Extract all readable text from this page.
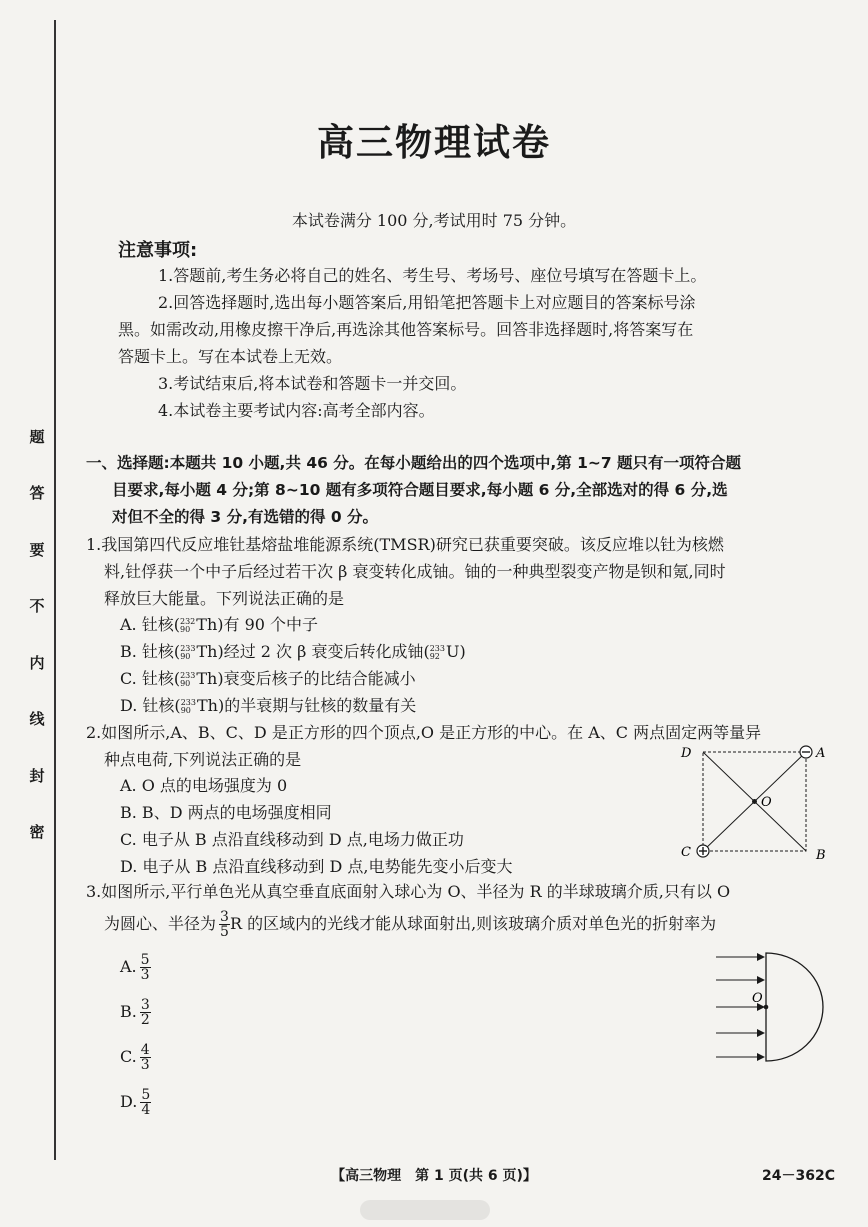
题
答
要
不
内
线
封
密
高三物理试卷
本试卷满分 100 分,考试用时 75 分钟。
注意事项:
1.答题前,考生务必将自己的姓名、考生号、考场号、座位号填写在答题卡上。
2.回答选择题时,选出每小题答案后,用铅笔把答题卡上对应题目的答案标号涂
黑。如需改动,用橡皮擦干净后,再选涂其他答案标号。回答非选择题时,将答案写在
答题卡上。写在本试卷上无效。
3.考试结束后,将本试卷和答题卡一并交回。
4.本试卷主要考试内容:高考全部内容。
一、选择题:本题共 10 小题,共 46 分。在每小题给出的四个选项中,第 1~7 题只有一项符合题
目要求,每小题 4 分;第 8~10 题有多项符合题目要求,每小题 6 分,全部选对的得 6 分,选
对但不全的得 3 分,有选错的得 0 分。
1.我国第四代反应堆钍基熔盐堆能源系统(TMSR)研究已获重要突破。该反应堆以钍为核燃
料,钍俘获一个中子后经过若干次 β 衰变转化成铀。铀的一种典型裂变产物是钡和氪,同时
释放巨大能量。下列说法正确的是
A. 钍核( 232
90 Th)有 90 个中子
B. 钍核( 233
90 Th)经过 2 次 β 衰变后转化成铀( 233
92 U)
C. 钍核( 233
90 Th)衰变后核子的比结合能减小
D. 钍核( 233
90 Th)的半衰期与钍核的数量有关
2.如图所示,A、B、C、D 是正方形的四个顶点,O 是正方形的中心。在 A、C 两点固定两等量异
种点电荷,下列说法正确的是
A. O 点的电场强度为 0
B. B、D 两点的电场强度相同
C. 电子从 B 点沿直线移动到 D 点,电场力做正功
D. 电子从 B 点沿直线移动到 D 点,电势能先变小后变大
D	A
O
C	B
3.如图所示,平行单色光从真空垂直底面射入球心为 O、半径为 R 的半球玻璃介质,只有以 O
为圆心、半径为 $\frac{3}{5}$ R 的区域内的光线才能从球面射出,则该玻璃介质对单色光的折射率为
A. $\frac{5}{3}$
B. $\frac{3}{2}$
C. $\frac{4}{3}$
D. $\frac{5}{4}$
O
【高三物理　第 1 页(共 6 页)】	24－362C
